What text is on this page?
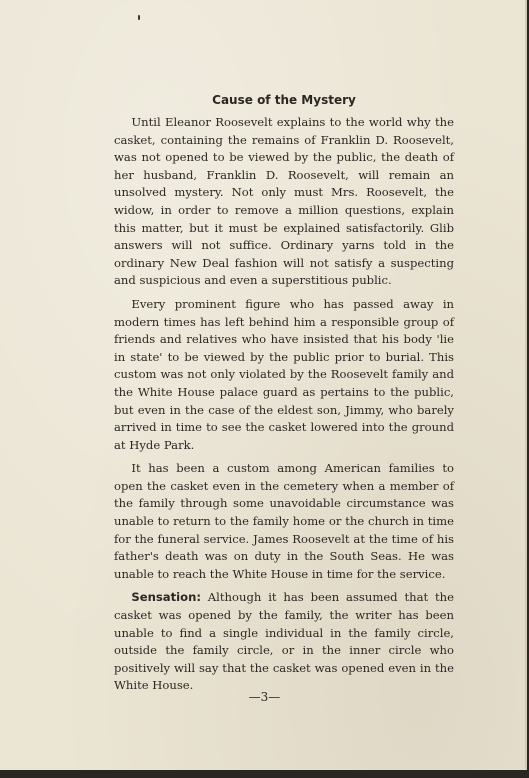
Cause of the Mystery

Until Eleanor Roosevelt explains to the world why the casket, containing the remains of Franklin D. Roosevelt, was not opened to be viewed by the public, the death of her husband, Franklin D. Roosevelt, will remain an unsolved mystery. Not only must Mrs. Roosevelt, the widow, in order to remove a million questions, explain this matter, but it must be explained satisfactorily. Glib answers will not suffice. Ordinary yarns told in the ordinary New Deal fashion will not satisfy a suspecting and suspicious and even a superstitious public.

Every prominent figure who has passed away in modern times has left behind him a responsible group of friends and relatives who have insisted that his body 'lie in state' to be viewed by the public prior to burial. This custom was not only violated by the Roosevelt family and the White House palace guard as pertains to the public, but even in the case of the eldest son, Jimmy, who barely arrived in time to see the casket lowered into the ground at Hyde Park.

It has been a custom among American families to open the casket even in the cemetery when a member of the family through some unavoidable circumstance was unable to return to the family home or the church in time for the funeral service. James Roosevelt at the time of his father's death was on duty in the South Seas. He was unable to reach the White House in time for the service.

Sensation: Although it has been assumed that the casket was opened by the family, the writer has been unable to find a single individual in the family circle, outside the family circle, or in the inner circle who positively will say that the casket was opened even in the White House.

—3—
